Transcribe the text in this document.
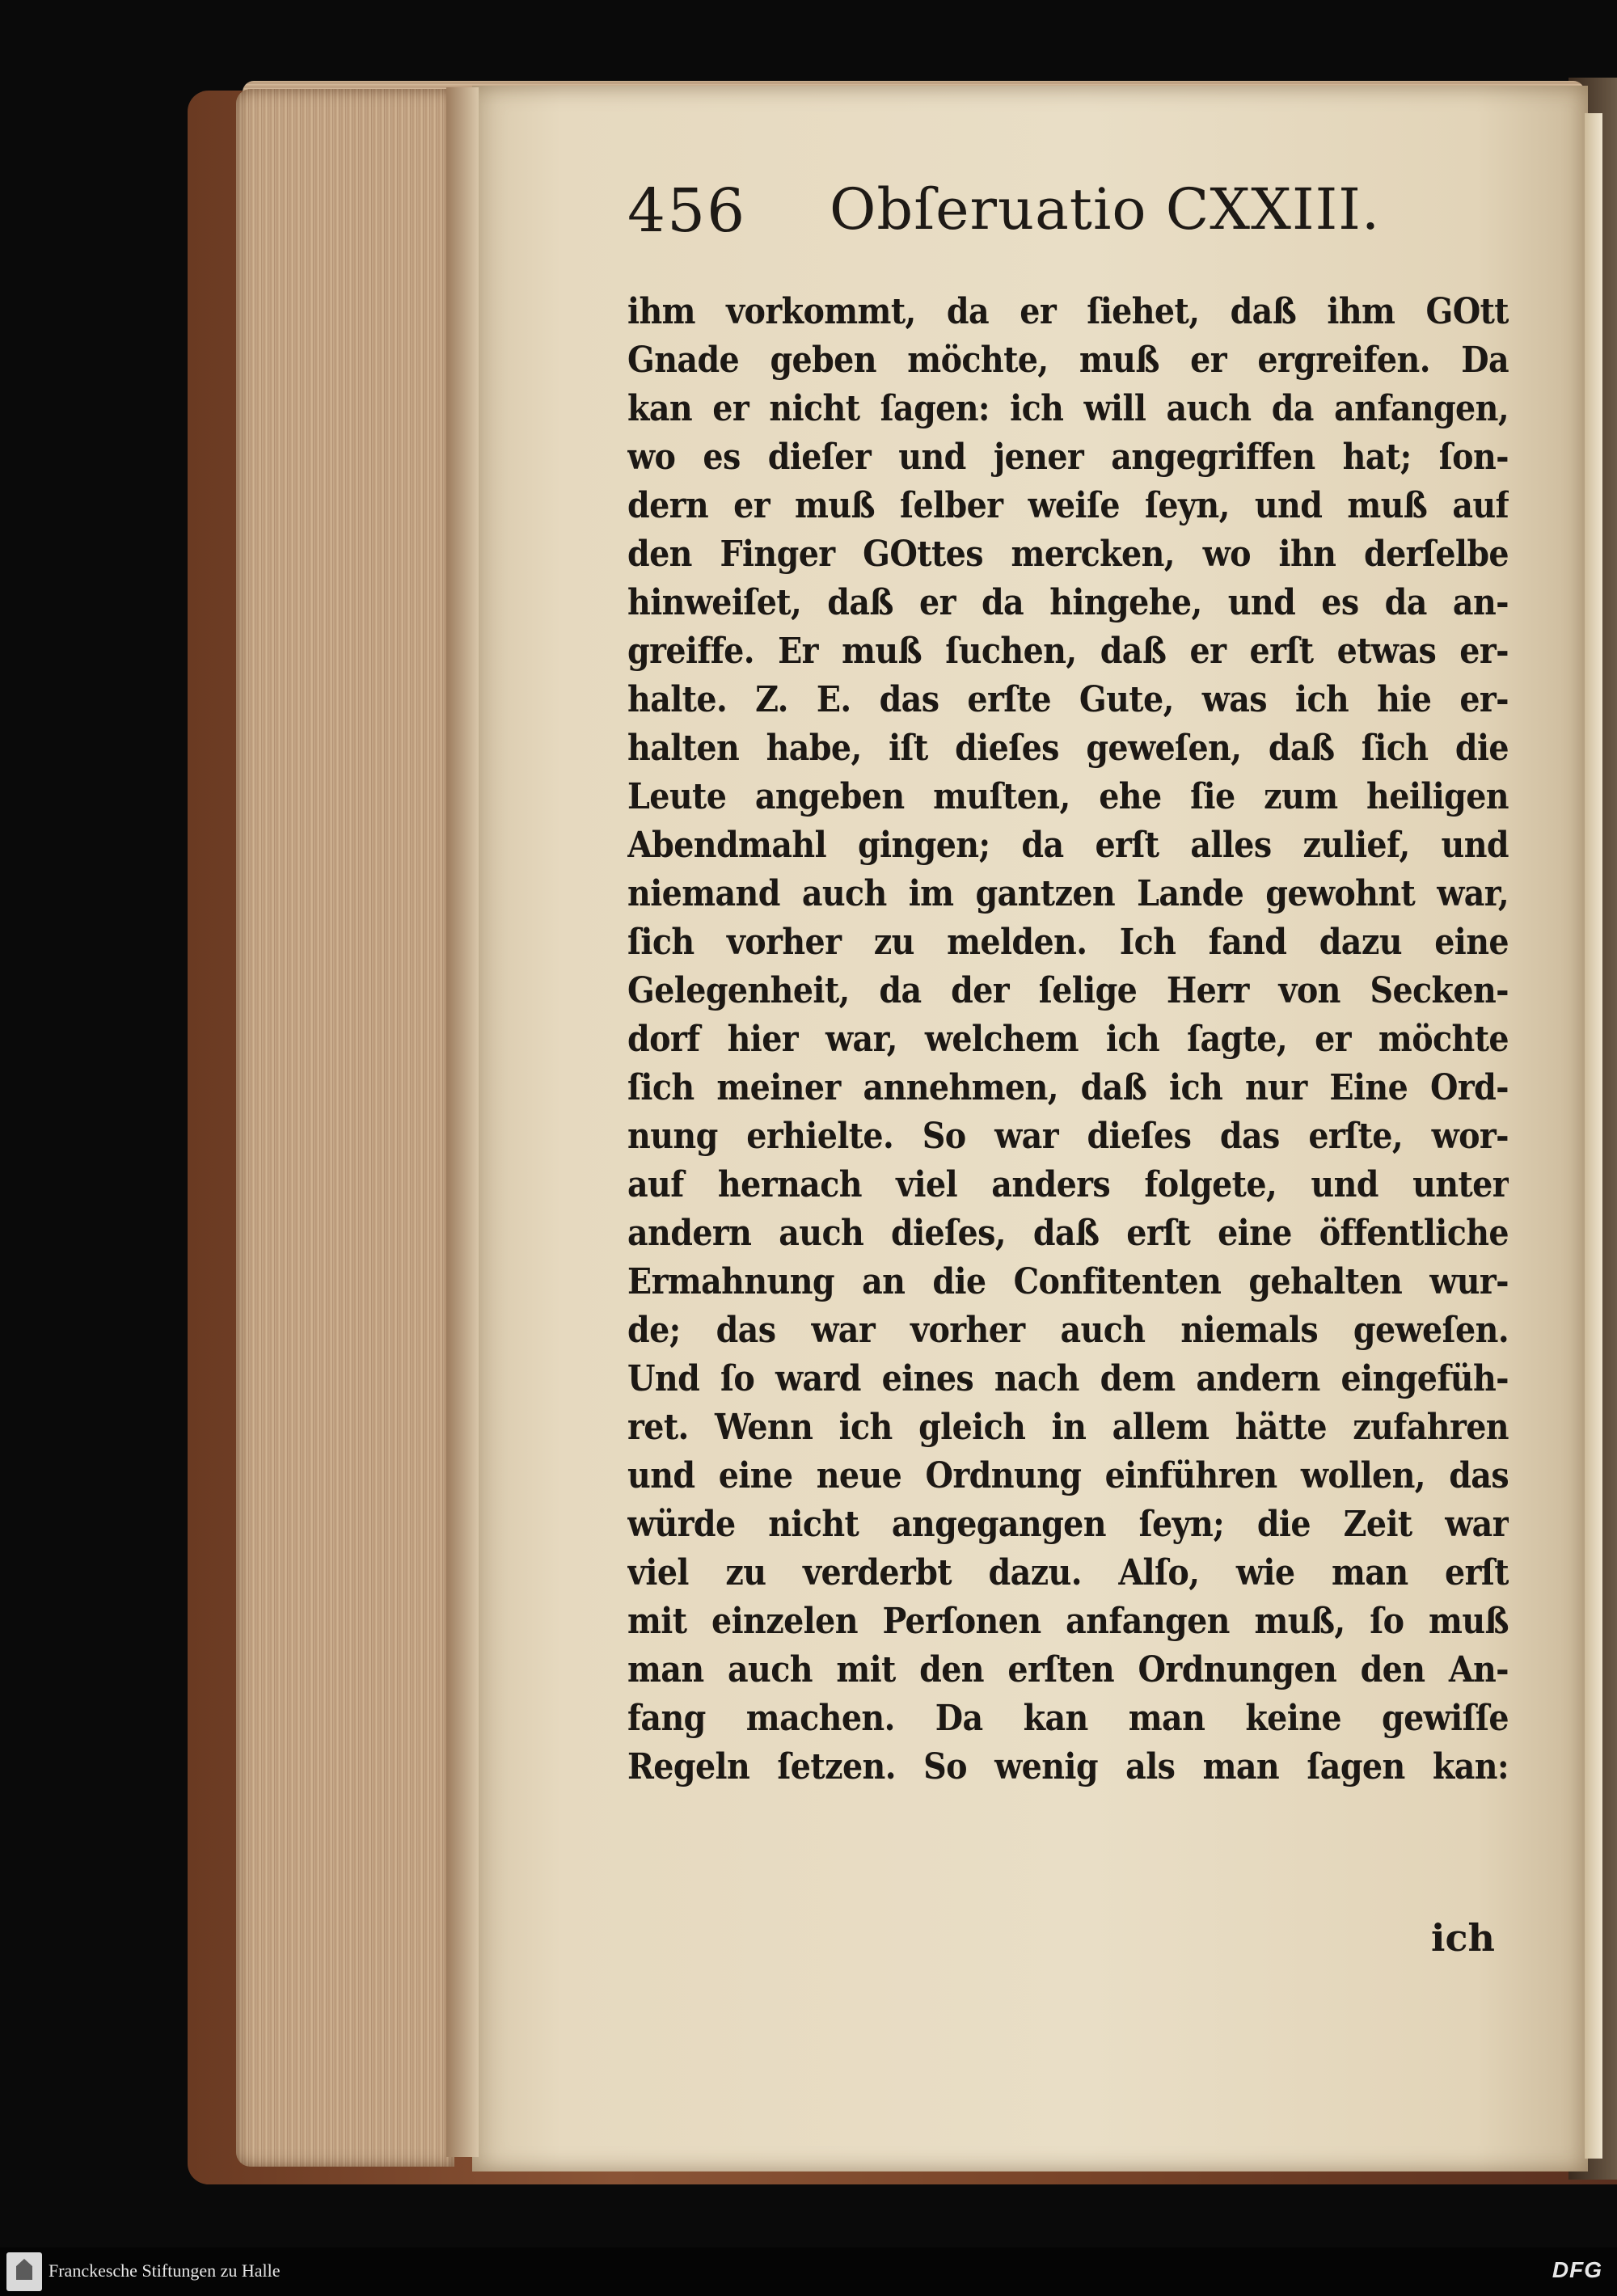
456 Obſeruatio CXXIII.
ihm vorkommt, da er ſiehet, daß ihm GOtt
Gnade geben möchte, muß er ergreifen. Da
kan er nicht ſagen: ich will auch da anfangen,
wo es dieſer und jener angegriffen hat; ſon-
dern er muß ſelber weiſe ſeyn, und muß auf
den Finger GOttes mercken, wo ihn derſelbe
hinweiſet, daß er da hingehe, und es da an-
greiffe. Er muß ſuchen, daß er erſt etwas er-
halte. Z. E. das erſte Gute, was ich hie er-
halten habe, iſt dieſes geweſen, daß ſich die
Leute angeben muſten, ehe ſie zum heiligen
Abendmahl gingen; da erſt alles zulief, und
niemand auch im gantzen Lande gewohnt war,
ſich vorher zu melden. Ich fand dazu eine
Gelegenheit, da der ſelige Herr von Secken-
dorf hier war, welchem ich ſagte, er möchte
ſich meiner annehmen, daß ich nur Eine Ord-
nung erhielte. So war dieſes das erſte, wor-
auf hernach viel anders folgete, und unter
andern auch dieſes, daß erſt eine öffentliche
Ermahnung an die Confitenten gehalten wur-
de; das war vorher auch niemals geweſen.
Und ſo ward eines nach dem andern eingefüh-
ret. Wenn ich gleich in allem hätte zufahren
und eine neue Ordnung einführen wollen, das
würde nicht angegangen ſeyn; die Zeit war
viel zu verderbt dazu. Alſo, wie man erſt
mit einzelen Perſonen anfangen muß, ſo muß
man auch mit den erſten Ordnungen den An-
fang machen. Da kan man keine gewiſſe
Regeln ſetzen. So wenig als man ſagen kan:
ich
Franckesche Stiftungen zu Halle	DFG
